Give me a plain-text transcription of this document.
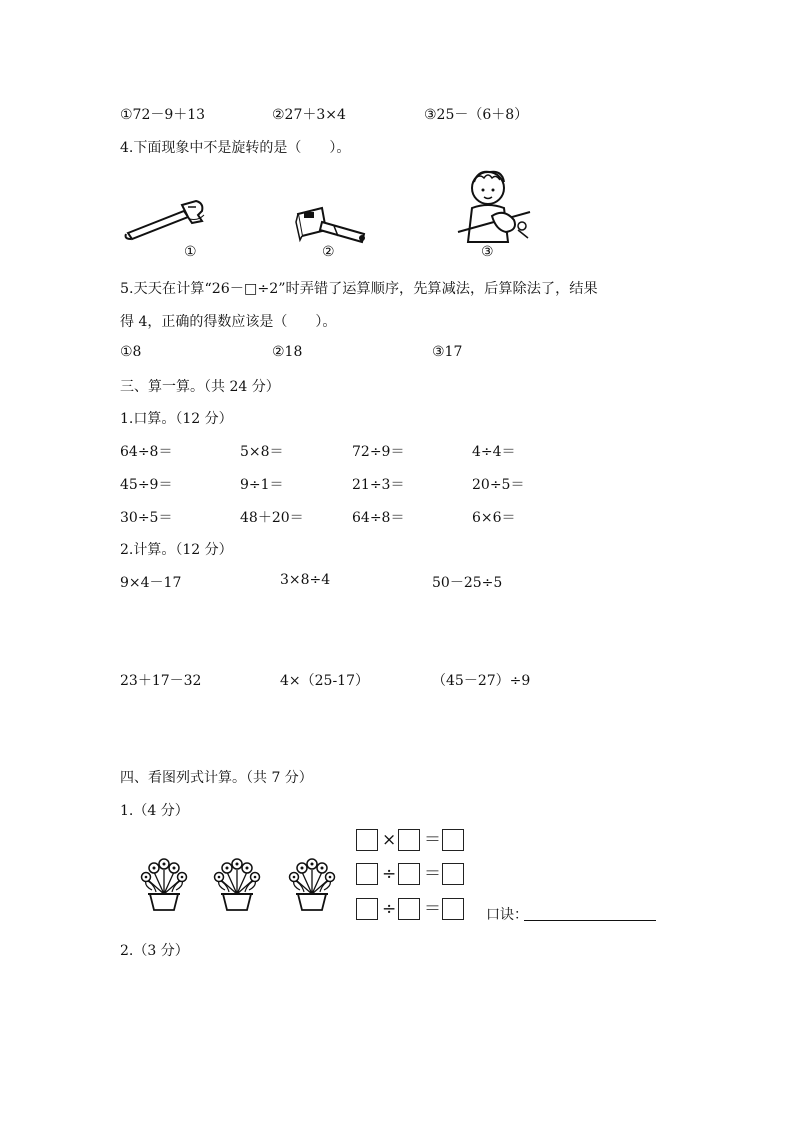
①72－9＋13	②27＋3×4	③25－（6＋8）
4.下面现象中不是旋转的是（　　）。
①	②	③
5.天天在计算“26－□÷2”时弄错了运算顺序，先算减法，后算除法了，结果
得 4，正确的得数应该是（　　）。
①8	②18	③17
三、算一算。（共 24 分）
1.口算。（12 分）
64÷8＝	5×8＝	72÷9＝	4÷4＝
45÷9＝	9÷1＝	21÷3＝	20÷5＝
30÷5＝	48＋20＝	64÷8＝	6×6＝
2.计算。（12 分）
9×4－17	3×8÷4	50－25÷5
23＋17－32	4×（25-17）	（45－27）÷9
四、看图列式计算。（共 7 分）
1.（4 分）
× ＝
÷ ＝
÷ ＝	口诀：
2.（3 分）
